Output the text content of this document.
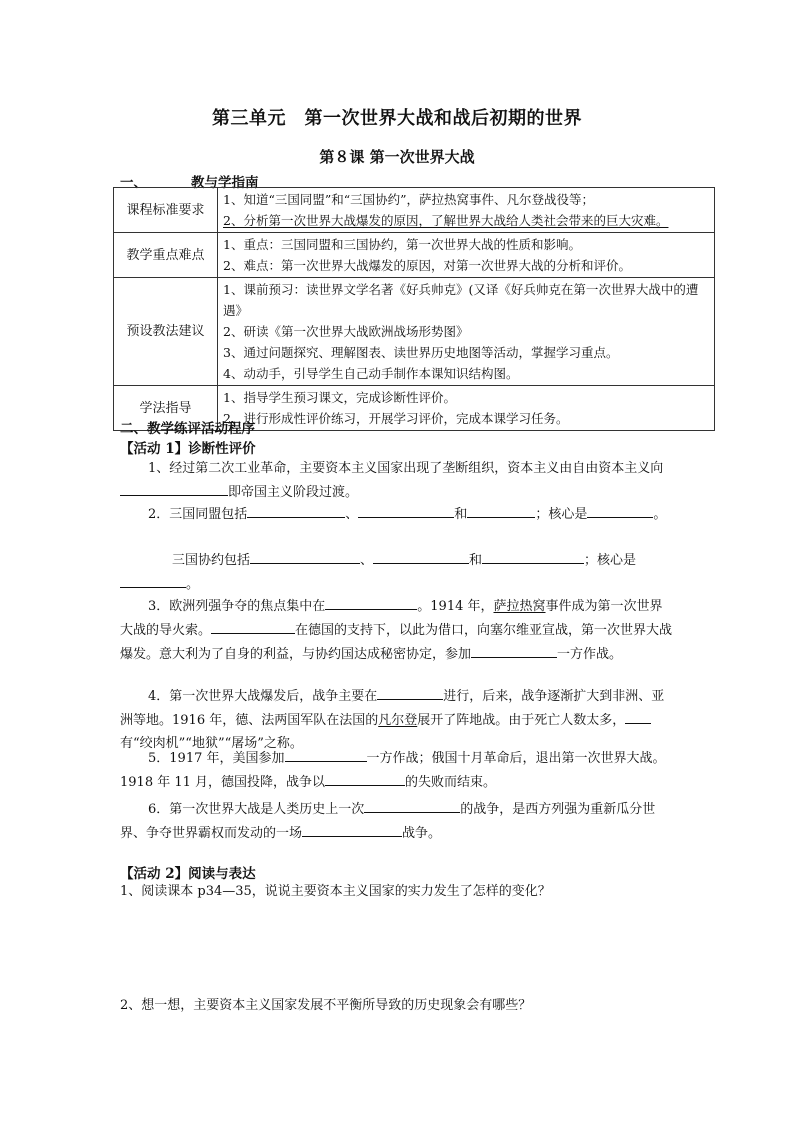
第三单元　第一次世界大战和战后初期的世界
第８课 第一次世界大战
一、	教与学指南
课程标准要求	1、知道“三国同盟”和“三国协约”，萨拉热窝事件、凡尔登战役等；
2、分析第一次世界大战爆发的原因，了解世界大战给人类社会带来的巨大灾难。

教学重点难点	1、重点：三国同盟和三国协约，第一次世界大战的性质和影响。
2、难点：第一次世界大战爆发的原因，对第一次世界大战的分析和评价。

预设教法建议	1、课前预习：读世界文学名著《好兵帅克》(又译《好兵帅克在第一次世界大战中的遭遇》
2、研读《第一次世界大战欧洲战场形势图》
3、通过问题探究、理解图表、读世界历史地图等活动，掌握学习重点。
4、动动手，引导学生自己动手制作本课知识结构图。

学法指导	1、指导学生预习课文，完成诊断性评价。
2、进行形成性评价练习，开展学习评价，完成本课学习任务。
二、教学练评活动程序
【活动 1】诊断性评价
1、经过第二次工业革命，主要资本主义国家出现了垄断组织，资本主义由自由资本主义向即帝国主义阶段过渡。
2．三国同盟包括	、	和	；核心是	。
三国协约包括	、	和	；核心是。
3．欧洲列强争夺的焦点集中在	。1914 年，萨拉热窝事件成为第一次世界大战的导火索。	在德国的支持下，以此为借口，向塞尔维亚宣战，第一次世界大战爆发。意大利为了自身的利益，与协约国达成秘密协定，参加	一方作战。
4．第一次世界大战爆发后，战争主要在	进行，后来，战争逐渐扩大到非洲、亚洲等地。1916 年，德、法两国军队在法国的凡尔登展开了阵地战。由于死亡人数太多，有“绞肉机”“地狱”“屠场”之称。
5．1917 年，美国参加	一方作战；俄国十月革命后，退出第一次世界大战。1918 年 11 月，德国投降，战争以	的失败而结束。
6．第一次世界大战是人类历史上一次	的战争，是西方列强为重新瓜分世界、争夺世界霸权而发动的一场	战争。
【活动 2】阅读与表达
1、阅读课本 p34—35，说说主要资本主义国家的实力发生了怎样的变化？
2、想一想，主要资本主义国家发展不平衡所导致的历史现象会有哪些？
